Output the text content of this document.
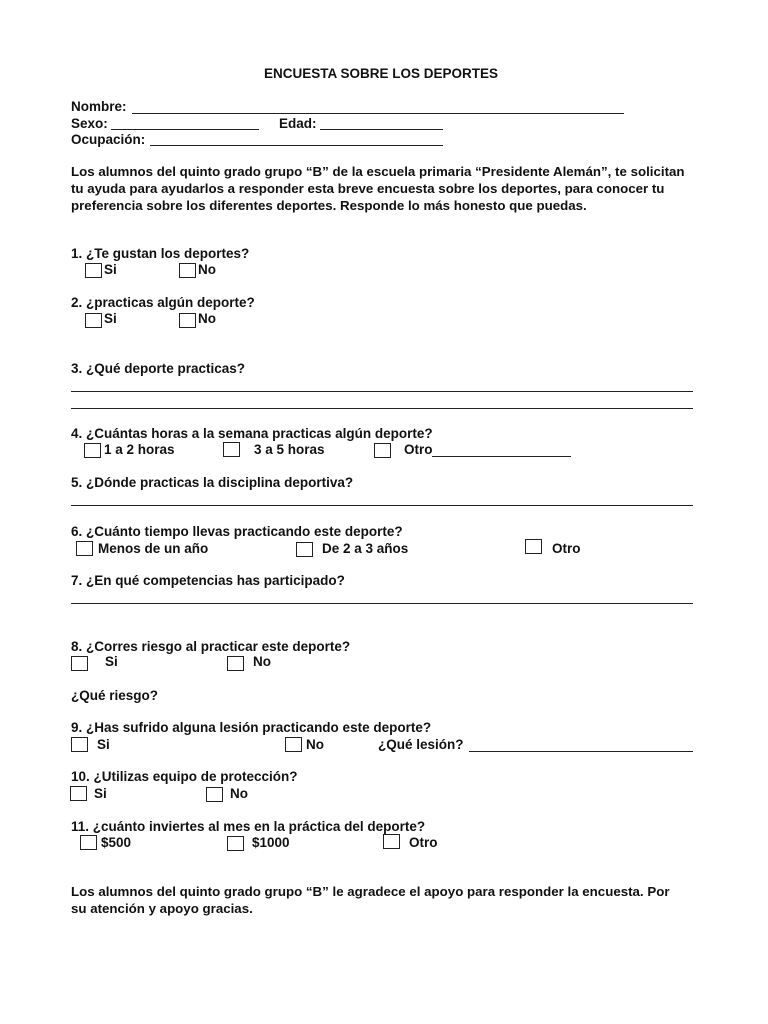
ENCUESTA SOBRE LOS DEPORTES
Nombre:
Sexo:	Edad:
Ocupación:
Los alumnos del quinto grado grupo “B” de la escuela primaria “Presidente Alemán”, te solicitan
tu ayuda para ayudarlos a responder esta breve encuesta sobre los deportes, para conocer tu
preferencia sobre los diferentes deportes. Responde lo más honesto que puedas.
1. ¿Te gustan los deportes?
Si	No
2. ¿practicas algún deporte?
Si	No
3. ¿Qué deporte practicas?
4. ¿Cuántas horas a la semana practicas algún deporte?
1 a 2 horas	3 a 5 horas	Otro
5. ¿Dónde practicas la disciplina deportiva?
6. ¿Cuánto tiempo llevas practicando este deporte?
Menos de un año	De 2 a 3 años	Otro
7. ¿En qué competencias has participado?
8. ¿Corres riesgo al practicar este deporte?
Si	No
¿Qué riesgo?
9. ¿Has sufrido alguna lesión practicando este deporte?
Si	No	¿Qué lesión?
10. ¿Utilizas equipo de protección?
Si	No
11. ¿cuánto inviertes al mes en la práctica del deporte?
$500	$1000	Otro
Los alumnos del quinto grado grupo “B” le agradece el apoyo para responder la encuesta. Por
su atención y apoyo gracias.
